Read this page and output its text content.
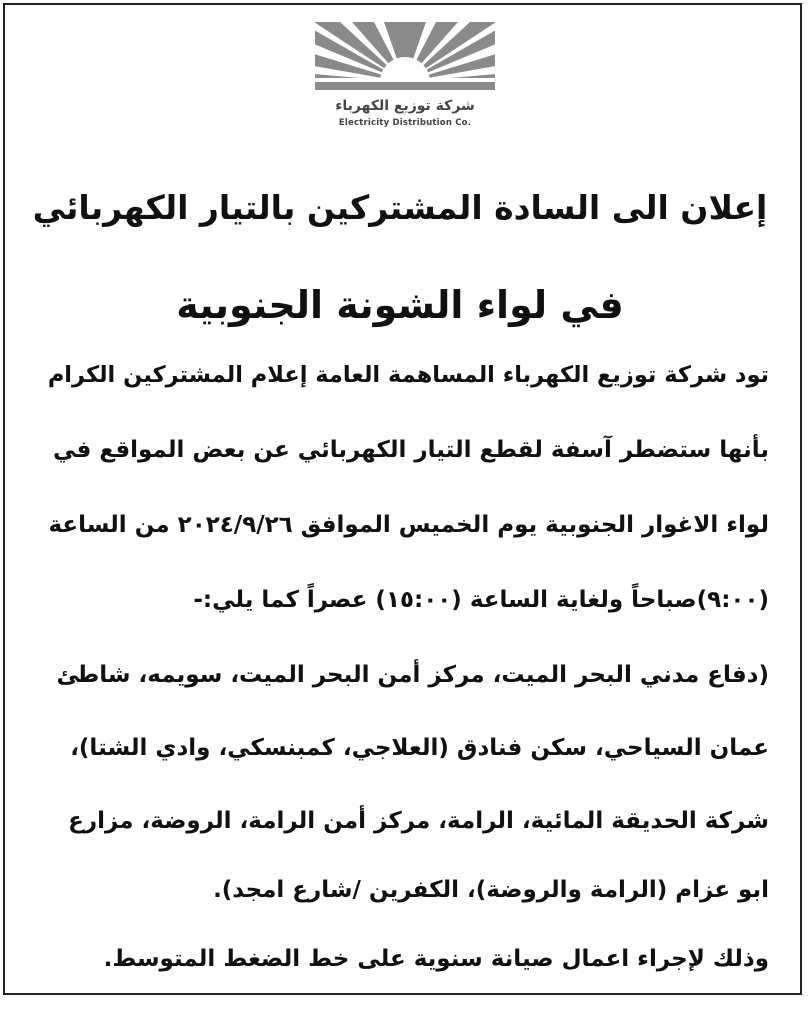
شركة توزيع الكهرباء
Electricity Distribution Co.
إعلان الى السادة المشتركين بالتيار الكهربائي
في لواء الشونة الجنوبية
تود شركة توزيع الكهرباء المساهمة العامة إعلام المشتركين الكرام
بأنها ستضطر آسفة لقطع التيار الكهربائي عن بعض المواقع في
لواء الاغوار الجنوبية يوم الخميس الموافق ٢٠٢٤/٩/٢٦ من الساعة
(٩:٠٠)صباحاً ولغاية الساعة (١٥:٠٠) عصراً كما يلي:-
(دفاع مدني البحر الميت، مركز أمن البحر الميت، سويمه، شاطئ
عمان السياحي، سكن فنادق (العلاجي، كمبنسكي، وادي الشتا)،
شركة الحديقة المائية، الرامة، مركز أمن الرامة، الروضة، مزارع
ابو عزام (الرامة والروضة)، الكفرين /شارع امجد).
وذلك لإجراء اعمال صيانة سنوية على خط الضغط المتوسط.
